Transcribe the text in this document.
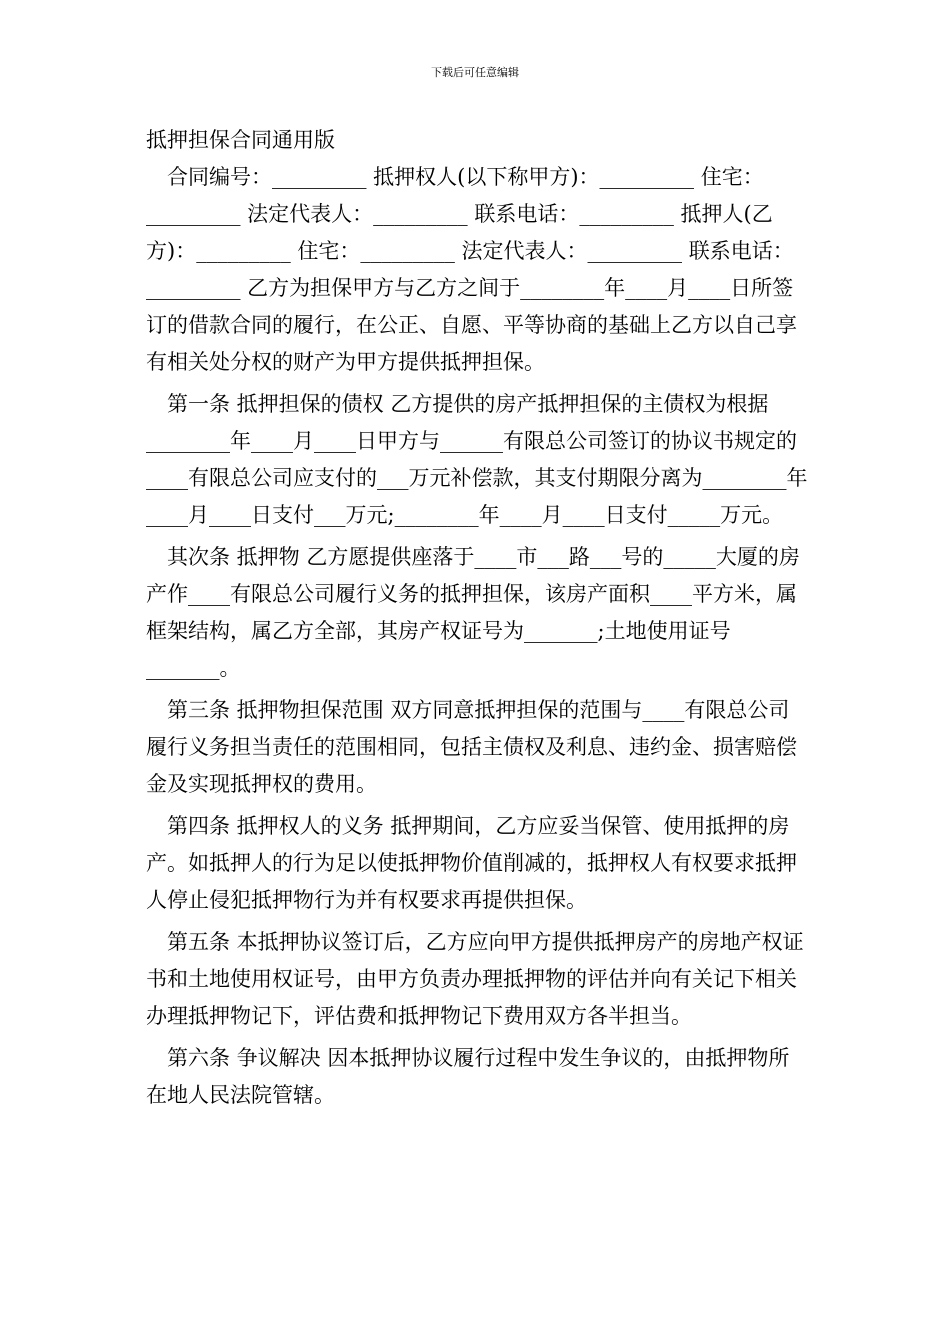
下载后可任意编辑

抵押担保合同通用版

合同编号：_________ 抵押权人(以下称甲方)：_________ 住宅：_________ 法定代表人：_________ 联系电话：_________ 抵押人(乙方)：_________ 住宅：_________ 法定代表人：_________ 联系电话：_________ 乙方为担保甲方与乙方之间于________年____月____日所签订的借款合同的履行，在公正、自愿、平等协商的基础上乙方以自己享有相关处分权的财产为甲方提供抵押担保。

第一条 抵押担保的债权 乙方提供的房产抵押担保的主债权为根据________年____月____日甲方与______有限总公司签订的协议书规定的____有限总公司应支付的___万元补偿款，其支付期限分离为________年____月____日支付___万元;________年____月____日支付_____万元。

其次条 抵押物 乙方愿提供座落于____市___路___号的_____大厦的房产作____有限总公司履行义务的抵押担保，该房产面积____平方米，属框架结构，属乙方全部，其房产权证号为_______;土地使用证号_______。

第三条 抵押物担保范围 双方同意抵押担保的范围与____有限总公司履行义务担当责任的范围相同，包括主债权及利息、违约金、损害赔偿金及实现抵押权的费用。

第四条 抵押权人的义务 抵押期间，乙方应妥当保管、使用抵押的房产。如抵押人的行为足以使抵押物价值削减的，抵押权人有权要求抵押人停止侵犯抵押物行为并有权要求再提供担保。

第五条 本抵押协议签订后，乙方应向甲方提供抵押房产的房地产权证书和土地使用权证号，由甲方负责办理抵押物的评估并向有关记下相关办理抵押物记下，评估费和抵押物记下费用双方各半担当。

第六条 争议解决 因本抵押协议履行过程中发生争议的，由抵押物所在地人民法院管辖。
